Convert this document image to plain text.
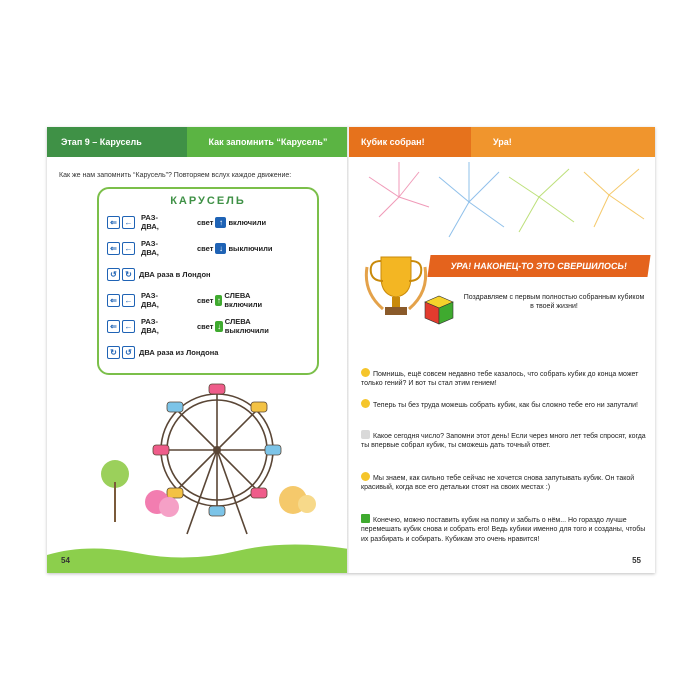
Этап 9 – Карусель	Как запомнить “Карусель”
Как же нам запомнить “Карусель”? Повторяем вслух каждое движение:
КАРУСЕЛЬ
⇐ ←	РАЗ-ДВА,	свет ↑ включили
⇐ ←	РАЗ-ДВА,	свет ↓ выключили
↺	↻ ДВА раза в Лондон
⇐ ←	РАЗ-ДВА,	свет ↑ СЛЕВА включили
⇐ ←	РАЗ-ДВА,	свет ↓ СЛЕВА выключили
↻	↺ ДВА раза из Лондона
54
Кубик собран!	Ура!
УРА! НАКОНЕЦ-ТО ЭТО СВЕРШИЛОСЬ!
Поздравляем с первым полностью собранным кубиком в твоей жизни!
Помнишь, ещё совсем недавно тебе казалось, что собрать кубик до конца может только гений? И вот ты стал этим гением!
Теперь ты без труда можешь собрать кубик, как бы сложно тебе его ни запутали!
Какое сегодня число? Запомни этот день! Если через много лет тебя спросят, когда ты впервые собрал кубик, ты сможешь дать точный ответ.
Мы знаем, как сильно тебе сейчас не хочется снова запутывать кубик. Он такой красивый, когда все его детальки стоят на своих местах :)
Конечно, можно поставить кубик на полку и забыть о нём... Но гораздо лучше перемешать кубик снова и собрать его! Ведь кубики именно для того и созданы, чтобы их разбирать и собирать. Кубикам это очень нравится!
55
